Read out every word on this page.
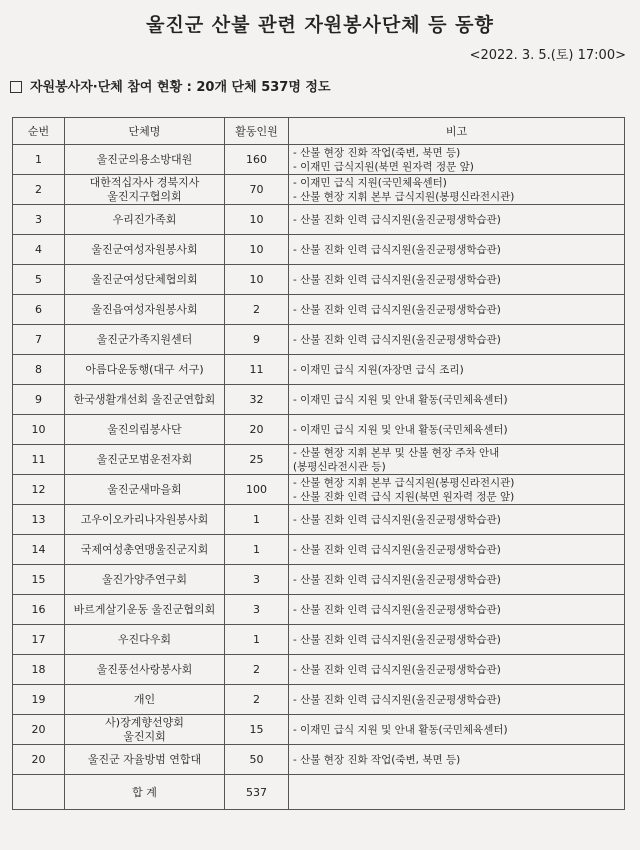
울진군 산불 관련 자원봉사단체 등 동향
<2022. 3. 5.(토) 17:00>
자원봉사자·단체 참여 현황 : 20개 단체 537명 정도
순번	단체명	활동인원	비고
1	울진군의용소방대원	160	- 산불 현장 진화 작업(죽변, 북면 등)
- 이재민 급식지원(북면 원자력 정문 앞)

2	대한적십자사 경북지사
울진지구협의회	70	- 이재민 급식 지원(국민체육센터)
- 산불 현장 지휘 본부 급식지원(봉평신라전시관)

3	우리진가족회	10	- 산불 진화 인력 급식지원(울진군평생학습관)

4	울진군여성자원봉사회	10	- 산불 진화 인력 급식지원(울진군평생학습관)

5	울진군여성단체협의회	10	- 산불 진화 인력 급식지원(울진군평생학습관)

6	울진읍여성자원봉사회	2	- 산불 진화 인력 급식지원(울진군평생학습관)

7	울진군가족지원센터	9	- 산불 진화 인력 급식지원(울진군평생학습관)

8	아름다운동행(대구 서구)	11	- 이재민 급식 지원(자장면 급식 조리)

9	한국생활개선회 울진군연합회	32	- 이재민 급식 지원 및 안내 활동(국민체육센터)

10	울진의림봉사단	20	- 이재민 급식 지원 및 안내 활동(국민체육센터)

11	울진군모범운전자회	25	- 산불 현장 지휘 본부 및 산불 현장 주차 안내
(봉평신라전시관 등)

12	울진군새마을회	100	- 산불 현장 지휘 본부 급식지원(봉평신라전시관)
- 산불 진화 인력 급식 지원(북면 원자력 정문 앞)

13	고우이오카리나자원봉사회	1	- 산불 진화 인력 급식지원(울진군평생학습관)

14	국제여성총연맹울진군지회	1	- 산불 진화 인력 급식지원(울진군평생학습관)

15	울진가양주연구회	3	- 산불 진화 인력 급식지원(울진군평생학습관)

16	바르게살기운동 울진군협의회	3	- 산불 진화 인력 급식지원(울진군평생학습관)

17	우진다우회	1	- 산불 진화 인력 급식지원(울진군평생학습관)

18	울진풍선사랑봉사회	2	- 산불 진화 인력 급식지원(울진군평생학습관)

19	개인	2	- 산불 진화 인력 급식지원(울진군평생학습관)

20	사)장계향선양회
울진지회	15	- 이재민 급식 지원 및 안내 활동(국민체육센터)

20	울진군 자율방범 연합대	50	- 산불 현장 진화 작업(죽변, 북면 등)

	합 계	537	
